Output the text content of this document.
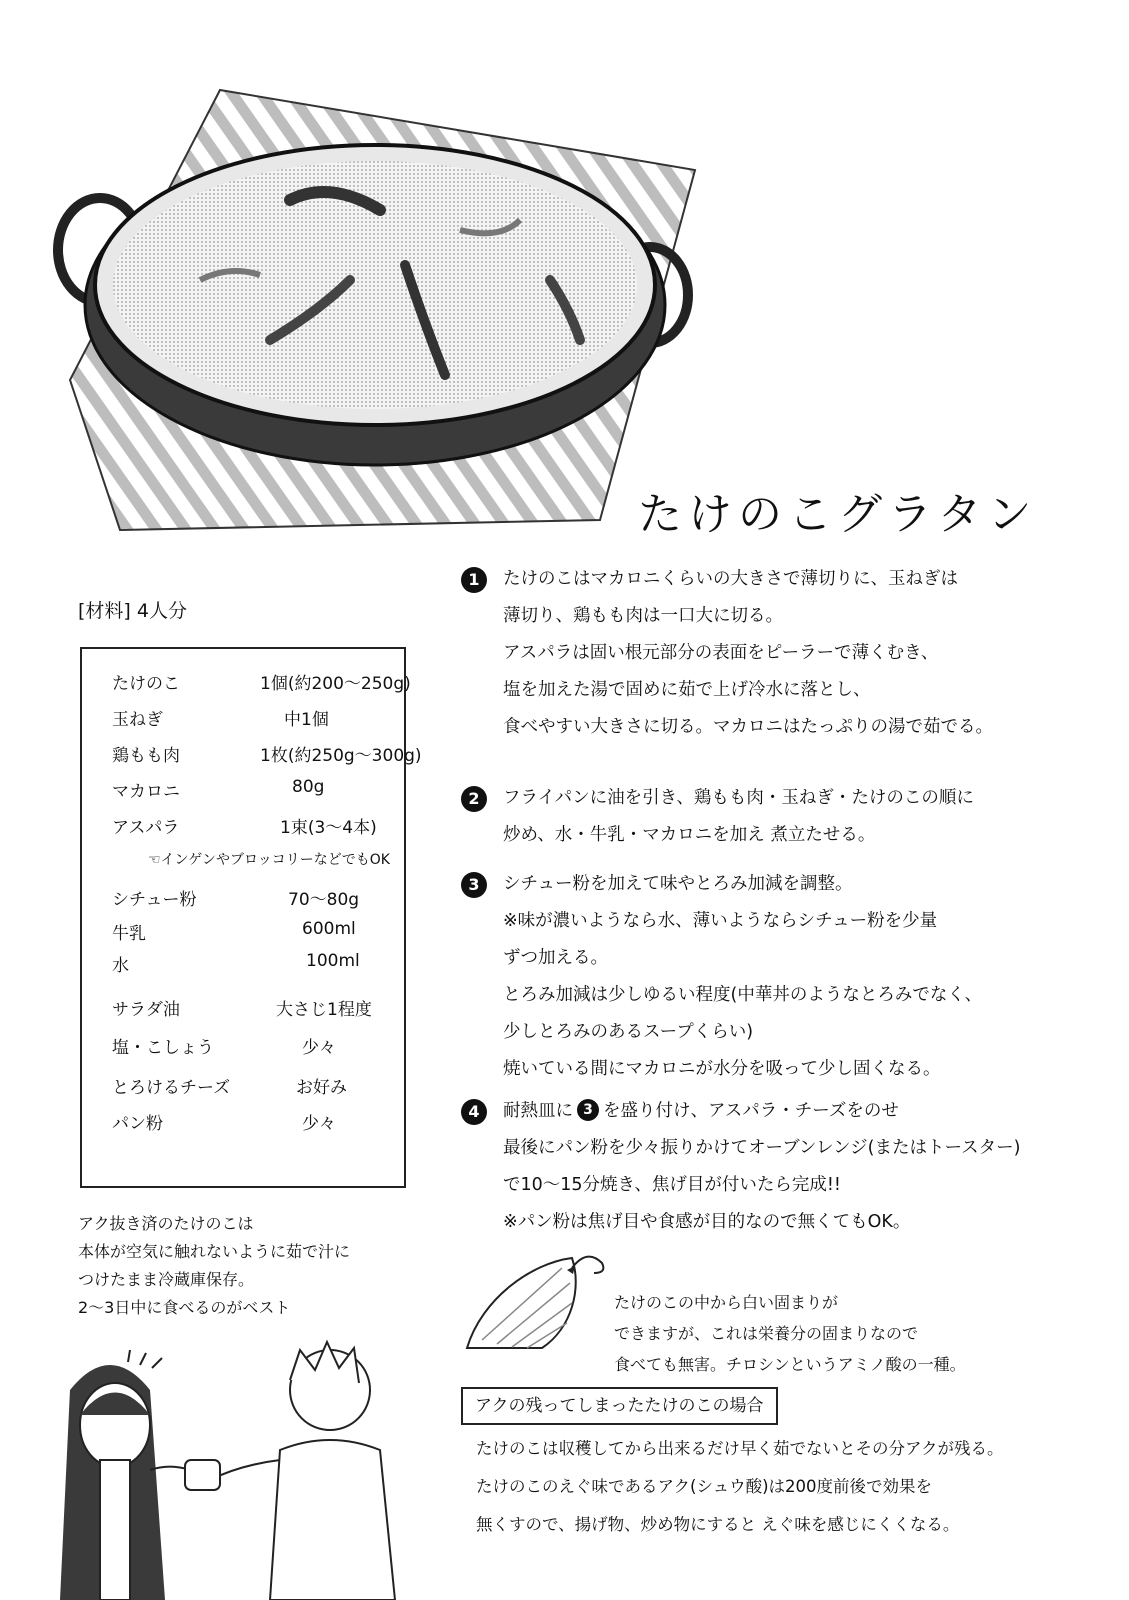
たけのこグラタン
[材料] 4人分
たけのこ	1個(約200～250g)
玉ねぎ	中1個
鶏もも肉	1枚(約250g～300g)
マカロニ	80g
アスパラ	1束(3～4本)
☜インゲンやブロッコリーなどでもOK
シチュー粉	70～80g
牛乳	600ml
水	100ml
サラダ油	大さじ1程度
塩・こしょう	少々
とろけるチーズ	お好み
パン粉	少々
アク抜き済のたけのこは
本体が空気に触れないように茹で汁に
つけたまま冷蔵庫保存。
2～3日中に食べるのがベスト
1	たけのこはマカロニくらいの大きさで薄切りに、玉ねぎは
薄切り、鶏もも肉は一口大に切る。
アスパラは固い根元部分の表面をピーラーで薄くむき、
塩を加えた湯で固めに茹で上げ冷水に落とし、
食べやすい大きさに切る。マカロニはたっぷりの湯で茹でる。
2	フライパンに油を引き、鶏もも肉・玉ねぎ・たけのこの順に
炒め、水・牛乳・マカロニを加え 煮立たせる。
3	シチュー粉を加えて味やとろみ加減を調整。
※味が濃いようなら水、薄いようならシチュー粉を少量
ずつ加える。
とろみ加減は少しゆるい程度(中華丼のようなとろみでなく、
少しとろみのあるスープくらい)
焼いている間にマカロニが水分を吸って少し固くなる。
4	耐熱皿に 3 を盛り付け、アスパラ・チーズをのせ
最後にパン粉を少々振りかけてオーブンレンジ(またはトースター)
で10～15分焼き、焦げ目が付いたら完成!!
※パン粉は焦げ目や食感が目的なので無くてもOK。
たけのこの中から白い固まりが
できますが、これは栄養分の固まりなので
食べても無害。チロシンというアミノ酸の一種。
アクの残ってしまったたけのこの場合
たけのこは収穫してから出来るだけ早く茹でないとその分アクが残る。
たけのこのえぐ味であるアク(シュウ酸)は200度前後で効果を
無くすので、揚げ物、炒め物にすると えぐ味を感じにくくなる。
